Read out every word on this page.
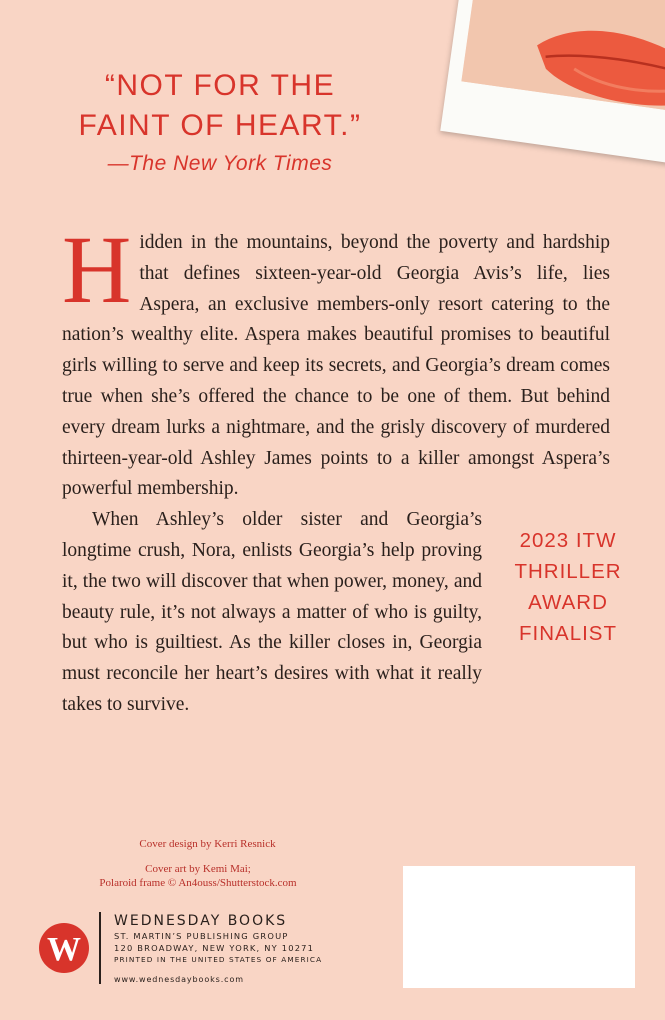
“NOT FOR THE
FAINT OF HEART.”
—The New York Times

Hidden in the mountains, beyond the poverty and hardship that defines sixteen-year-old Georgia Avis’s life, lies Aspera, an exclusive members-only resort catering to the nation’s wealthy elite. Aspera makes beautiful promises to beautiful girls willing to serve and keep its secrets, and Georgia’s dream comes true when she’s offered the chance to be one of them. But behind every dream lurks a nightmare, and the grisly discovery of murdered thirteen-year-old Ashley James points to a killer amongst Aspera’s powerful membership.

When Ashley’s older sister and Georgia’s longtime crush, Nora, enlists Georgia’s help proving it, the two will discover that when power, money, and beauty rule, it’s not always a matter of who is guilty, but who is guiltiest. As the killer closes in, Georgia must reconcile her heart’s desires with what it really takes to survive.

2023 ITW
THRILLER
AWARD
FINALIST
Cover design by Kerri Resnick
Cover art by Kemi Mai;
Polaroid frame © An4ouss/Shutterstock.com
W
WEDNESDAY BOOKS
ST. MARTIN’S PUBLISHING GROUP
120 BROADWAY, NEW YORK, NY 10271
PRINTED IN THE UNITED STATES OF AMERICA
www.wednesdaybooks.com
